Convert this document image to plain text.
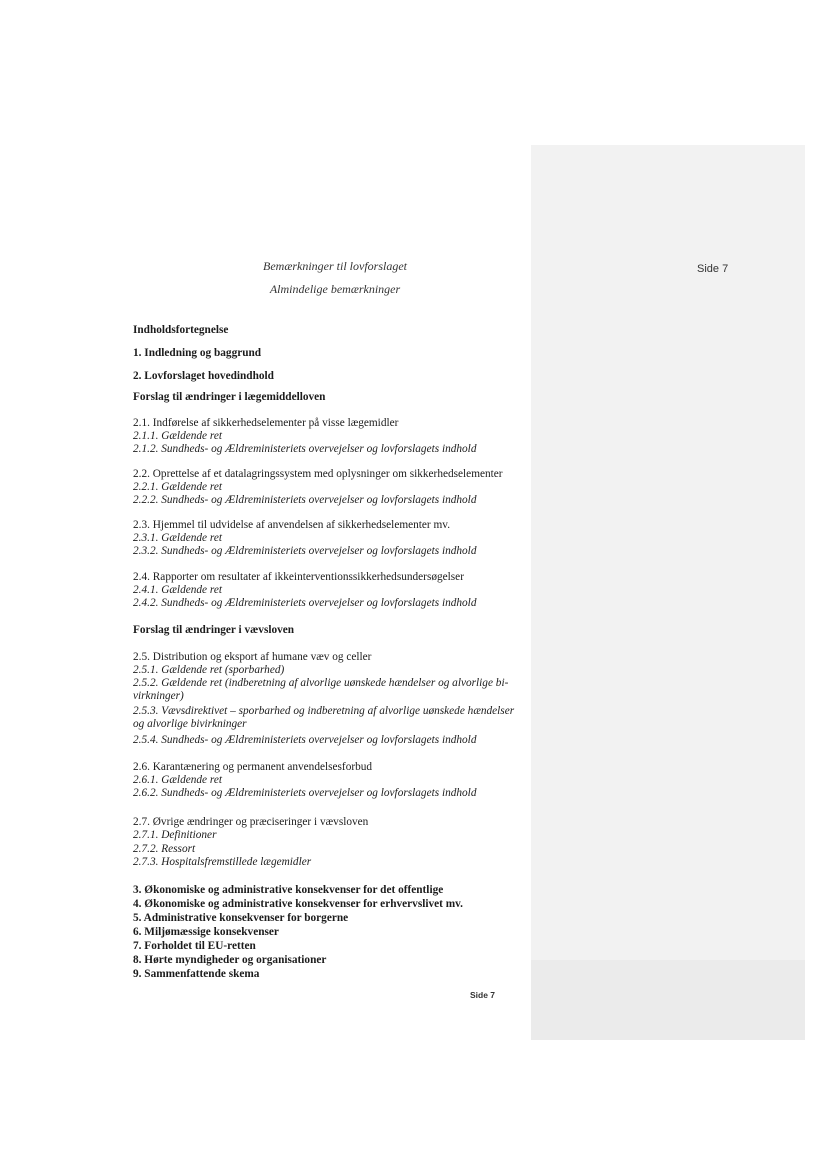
Side 7
Bemærkninger til lovforslaget
Almindelige bemærkninger
Indholdsfortegnelse
1. Indledning og baggrund
2. Lovforslaget hovedindhold
Forslag til ændringer i lægemiddelloven
2.1. Indførelse af sikkerhedselementer på visse lægemidler
2.1.1. Gældende ret
2.1.2. Sundheds- og Ældreministeriets overvejelser og lovforslagets indhold
2.2. Oprettelse af et datalagringssystem med oplysninger om sikkerhedselementer
2.2.1. Gældende ret
2.2.2. Sundheds- og Ældreministeriets overvejelser og lovforslagets indhold
2.3. Hjemmel til udvidelse af anvendelsen af sikkerhedselementer mv.
2.3.1. Gældende ret
2.3.2. Sundheds- og Ældreministeriets overvejelser og lovforslagets indhold
2.4. Rapporter om resultater af ikkeinterventionssikkerhedsundersøgelser
2.4.1. Gældende ret
2.4.2. Sundheds- og Ældreministeriets overvejelser og lovforslagets indhold
Forslag til ændringer i vævsloven
2.5. Distribution og eksport af humane væv og celler
2.5.1. Gældende ret (sporbarhed)
2.5.2. Gældende ret (indberetning af alvorlige uønskede hændelser og alvorlige bi-virkninger)
2.5.3. Vævsdirektivet – sporbarhed og indberetning af alvorlige uønskede hændelser og alvorlige bivirkninger
2.5.4. Sundheds- og Ældreministeriets overvejelser og lovforslagets indhold
2.6. Karantænering og permanent anvendelsesforbud
2.6.1. Gældende ret
2.6.2. Sundheds- og Ældreministeriets overvejelser og lovforslagets indhold
2.7. Øvrige ændringer og præciseringer i vævsloven
2.7.1. Definitioner
2.7.2. Ressort
2.7.3. Hospitalsfremstillede lægemidler
3. Økonomiske og administrative konsekvenser for det offentlige
4. Økonomiske og administrative konsekvenser for erhvervslivet mv.
5. Administrative konsekvenser for borgerne
6. Miljømæssige konsekvenser
7. Forholdet til EU-retten
8. Hørte myndigheder og organisationer
9. Sammenfattende skema
Side 7
